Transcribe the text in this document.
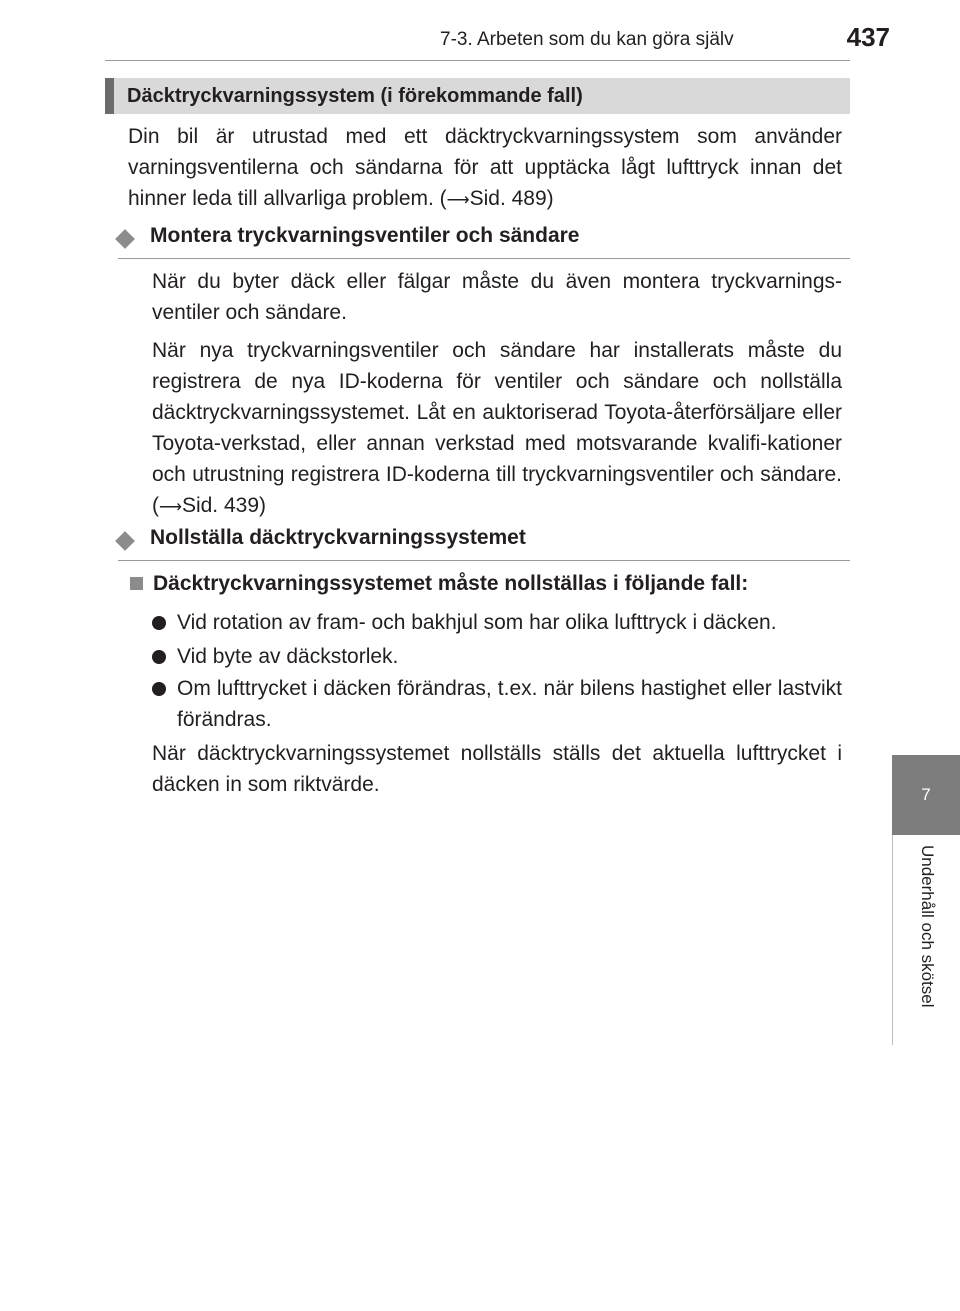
7-3. Arbeten som du kan göra själv	437
7
Underhåll och skötsel
Däcktryckvarningssystem (i förekommande fall)

Din bil är utrustad med ett däcktryckvarningssystem som använder varningsventilerna och sändarna för att upptäcka lågt lufttryck innan det hinner leda till allvarliga problem. (⟶Sid. 489)

Montera tryckvarningsventiler och sändare

När du byter däck eller fälgar måste du även montera tryckvarnings-ventiler och sändare.

När nya tryckvarningsventiler och sändare har installerats måste du registrera de nya ID-koderna för ventiler och sändare och nollställa däcktryckvarningssystemet. Låt en auktoriserad Toyota-återförsäljare eller Toyota-verkstad, eller annan verkstad med motsvarande kvalifi-kationer och utrustning registrera ID-koderna till tryckvarningsventiler och sändare. (⟶Sid. 439)

Nollställa däcktryckvarningssystemet
Däcktryckvarningssystemet måste nollställas i följande fall:
Vid rotation av fram- och bakhjul som har olika lufttryck i däcken.
Vid byte av däckstorlek.
Om lufttrycket i däcken förändras, t.ex. när bilens hastighet eller lastvikt förändras.

När däcktryckvarningssystemet nollställs ställs det aktuella lufttrycket i däcken in som riktvärde.
